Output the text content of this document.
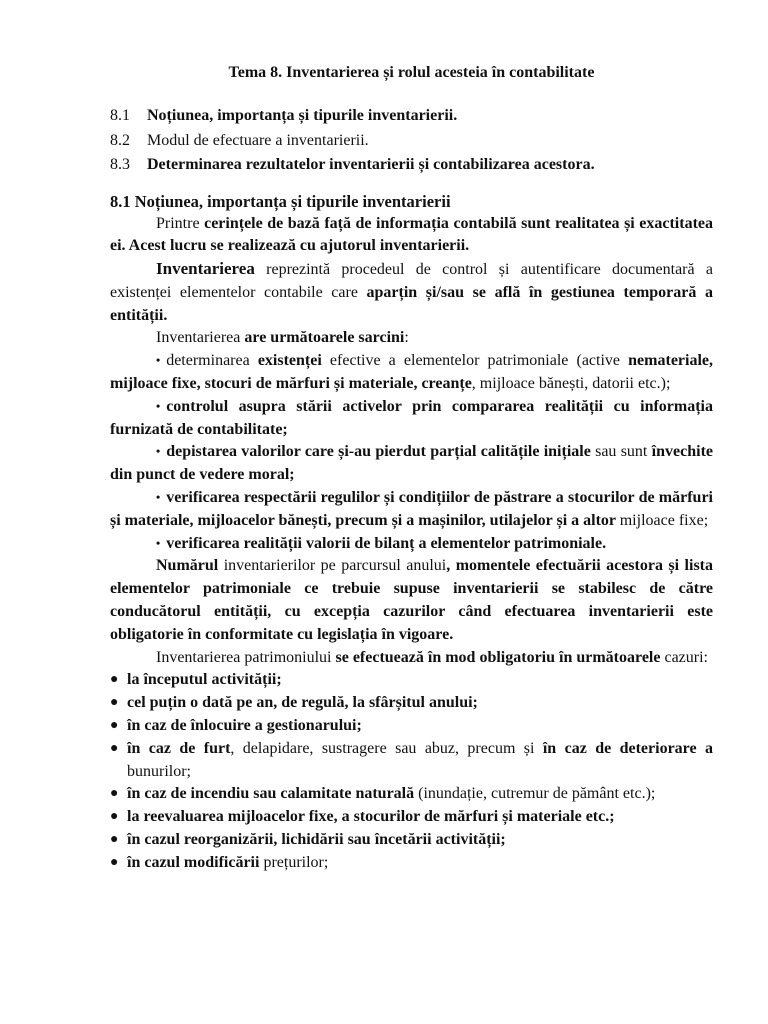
Tema 8. Inventarierea și rolul acesteia în contabilitate
8.1	Noțiunea, importanța și tipurile inventarierii.
8.2	Modul de efectuare a inventarierii.
8.3	Determinarea rezultatelor inventarierii și contabilizarea acestora.
8.1 Noțiunea, importanța și tipurile inventarierii

Printre cerințele de bază față de informația contabilă sunt realitatea și exactitatea ei. Acest lucru se realizează cu ajutorul inventarierii.

Inventarierea reprezintă procedeul de control și autentificare documentară a existenței elementelor contabile care aparțin și/sau se află în gestiunea temporară a entității.

Inventarierea are următoarele sarcini:

• determinarea existenței efective a elementelor patrimoniale (active nemateriale, mijloace fixe, stocuri de mărfuri și materiale, creanțe, mijloace bănești, datorii etc.);
• controlul asupra stării activelor prin compararea realității cu informația furnizată de contabilitate;
• depistarea valorilor care și-au pierdut parțial calitățile inițiale sau sunt învechite din punct de vedere moral;
• verificarea respectării regulilor și condițiilor de păstrare a stocurilor de mărfuri și materiale, mijloacelor bănești, precum și a mașinilor, utilajelor și a altor mijloace fixe;
• verificarea realității valorii de bilanț a elementelor patrimoniale.

Numărul inventarierilor pe parcursul anului, momentele efectuării acestora și lista elementelor patrimoniale ce trebuie supuse inventarierii se stabilesc de către conducătorul entității, cu excepția cazurilor când efectuarea inventarierii este obligatorie în conformitate cu legislația în vigoare.

Inventarierea patrimoniului se efectuează în mod obligatoriu în următoarele cazuri:

● la începutul activității;
● cel puțin o dată pe an, de regulă, la sfârșitul anului;
● în caz de înlocuire a gestionarului;
● în caz de furt, delapidare, sustragere sau abuz, precum și în caz de deteriorare a bunurilor;
● în caz de incendiu sau calamitate naturală (inundație, cutremur de pământ etc.);
● la reevaluarea mijloacelor fixe, a stocurilor de mărfuri și materiale etc.;
● în cazul reorganizării, lichidării sau încetării activității;
● în cazul modificării prețurilor;
